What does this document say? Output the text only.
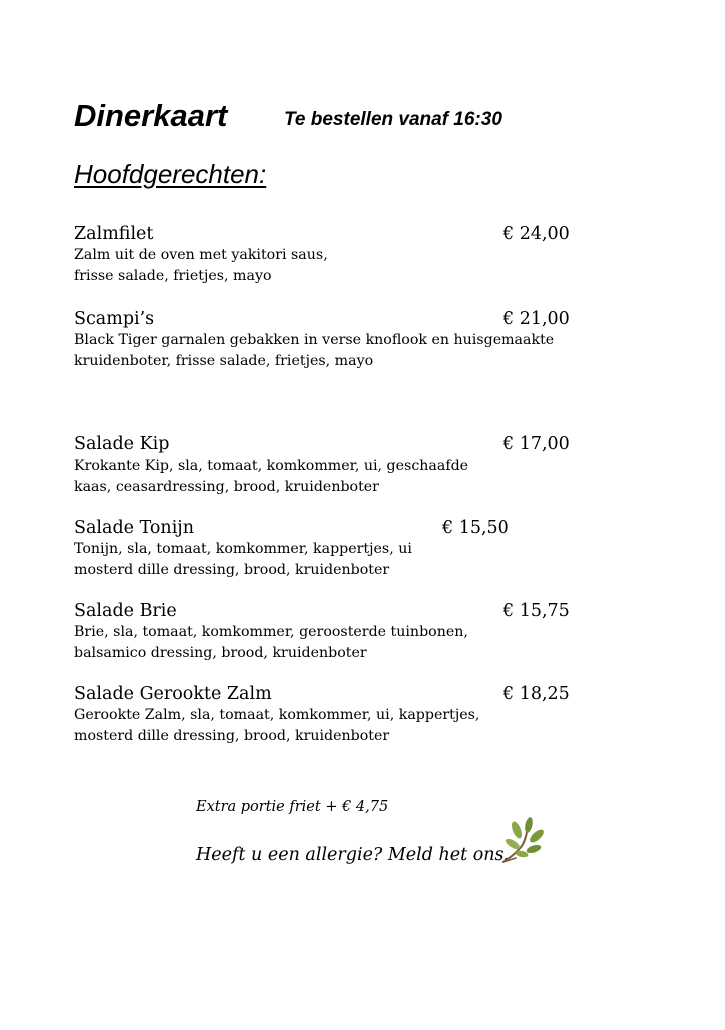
Dinerkaart	Te bestellen vanaf 16:30
Hoofdgerechten:
Zalmfilet	€ 24,00
Zalm uit de oven met yakitori saus,
frisse salade, frietjes, mayo
Scampi’s	€ 21,00
Black Tiger garnalen gebakken in verse knoflook en huisgemaakte
kruidenboter, frisse salade, frietjes, mayo
Salade Kip	€ 17,00
Krokante Kip, sla, tomaat, komkommer, ui, geschaafde
kaas, ceasardressing, brood, kruidenboter
Salade Tonijn	€ 15,50
Tonijn, sla, tomaat, komkommer, kappertjes, ui
mosterd dille dressing, brood, kruidenboter
Salade Brie	€ 15,75
Brie, sla, tomaat, komkommer, geroosterde tuinbonen,
balsamico dressing, brood, kruidenboter
Salade Gerookte Zalm	€ 18,25
Gerookte Zalm, sla, tomaat, komkommer, ui, kappertjes,
mosterd dille dressing, brood, kruidenboter
Extra portie friet + € 4,75
Heeft u een allergie? Meld het ons.
